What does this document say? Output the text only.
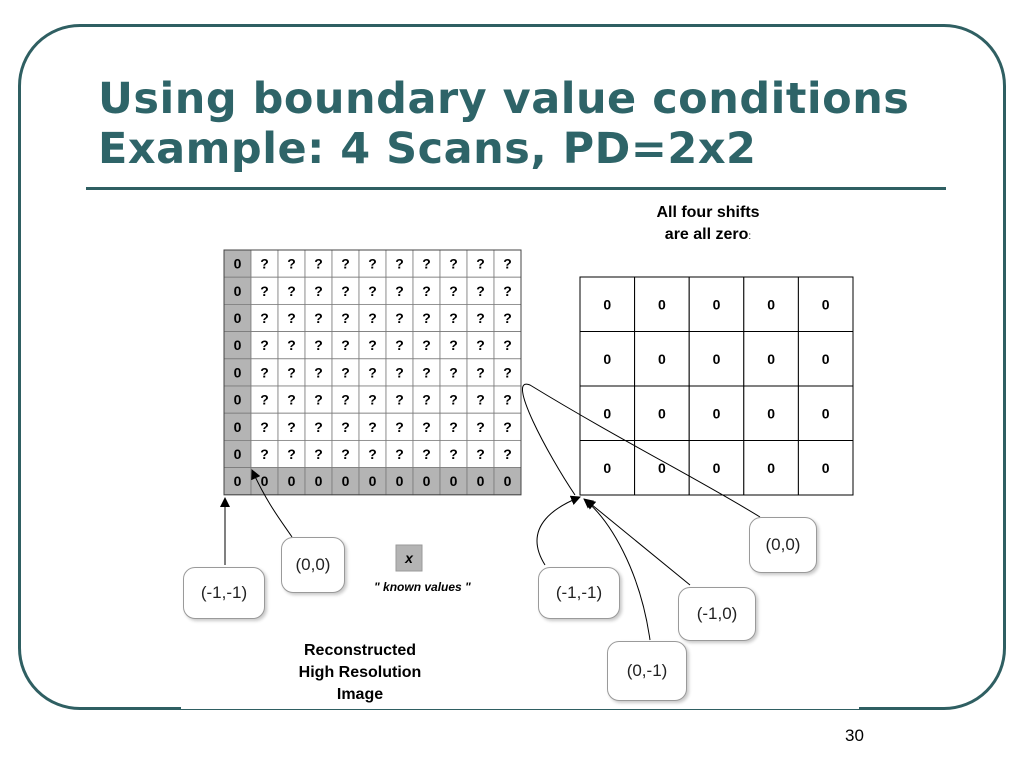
Using boundary value conditions
Example: 4 Scans, PD=2x2
All four shifts
are all zero:
0 ? ? ? ? ? ? ? ? ? ?
0 ? ? ? ? ? ? ? ? ? ?
0 ? ? ? ? ? ? ? ? ? ?
0 ? ? ? ? ? ? ? ? ? ?
0 ? ? ? ? ? ? ? ? ? ?
0 ? ? ? ? ? ? ? ? ? ?
0 ? ? ? ? ? ? ? ? ? ?
0 ? ? ? ? ? ? ? ? ? ?
0 0 0 0 0 0 0 0 0 0 0
0	0	0	0	0
0	0	0	0	0
0	0	0	0	0
0	0	0	0	0
x
" known values "
Reconstructed
High Resolution
Image
(-1,-1)
(0,0)
(0,0)
(-1,-1)
(-1,0)
(0,-1)
30
